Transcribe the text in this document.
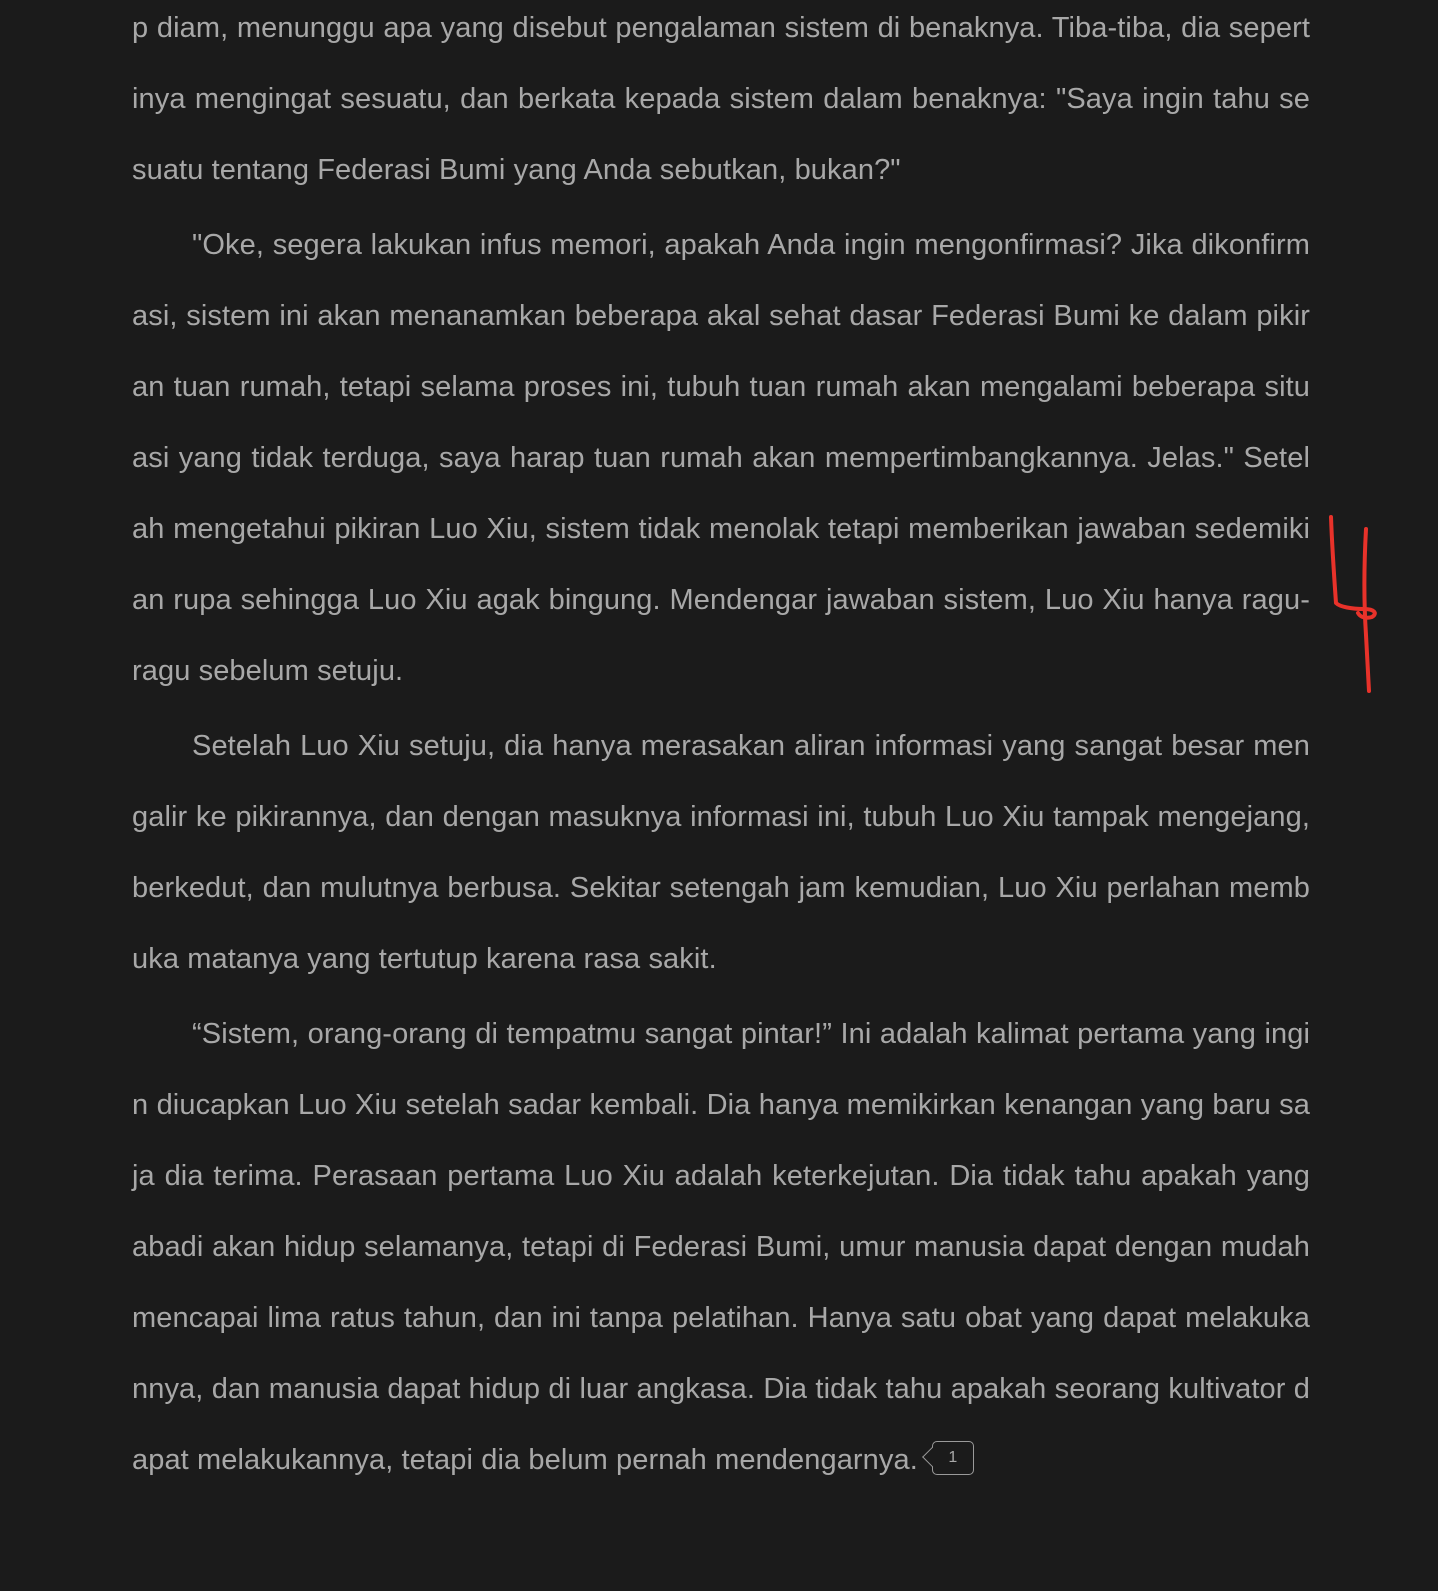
p diam, menunggu apa yang disebut pengalaman sistem di benaknya. Tiba-tiba, dia sepertinya mengingat sesuatu, dan berkata kepada sistem dalam benaknya: "Saya ingin tahu sesuatu tentang Federasi Bumi yang Anda sebutkan, bukan?"

"Oke, segera lakukan infus memori, apakah Anda ingin mengonfirmasi? Jika dikonfirmasi, sistem ini akan menanamkan beberapa akal sehat dasar Federasi Bumi ke dalam pikiran tuan rumah, tetapi selama proses ini, tubuh tuan rumah akan mengalami beberapa situasi yang tidak terduga, saya harap tuan rumah akan mempertimbangkannya. Jelas." Setelah mengetahui pikiran Luo Xiu, sistem tidak menolak tetapi memberikan jawaban sedemikian rupa sehingga Luo Xiu agak bingung. Mendengar jawaban sistem, Luo Xiu hanya ragu-ragu sebelum setuju.

Setelah Luo Xiu setuju, dia hanya merasakan aliran informasi yang sangat besar mengalir ke pikirannya, dan dengan masuknya informasi ini, tubuh Luo Xiu tampak mengejang, berkedut, dan mulutnya berbusa. Sekitar setengah jam kemudian, Luo Xiu perlahan membuka matanya yang tertutup karena rasa sakit.

“Sistem, orang-orang di tempatmu sangat pintar!” Ini adalah kalimat pertama yang ingin diucapkan Luo Xiu setelah sadar kembali. Dia hanya memikirkan kenangan yang baru saja dia terima. Perasaan pertama Luo Xiu adalah keterkejutan. Dia tidak tahu apakah yang abadi akan hidup selamanya, tetapi di Federasi Bumi, umur manusia dapat dengan mudah mencapai lima ratus tahun, dan ini tanpa pelatihan. Hanya satu obat yang dapat melakukannya, dan manusia dapat hidup di luar angkasa. Dia tidak tahu apakah seorang kultivator dapat melakukannya, tetapi dia belum pernah mendengarnya. 1
